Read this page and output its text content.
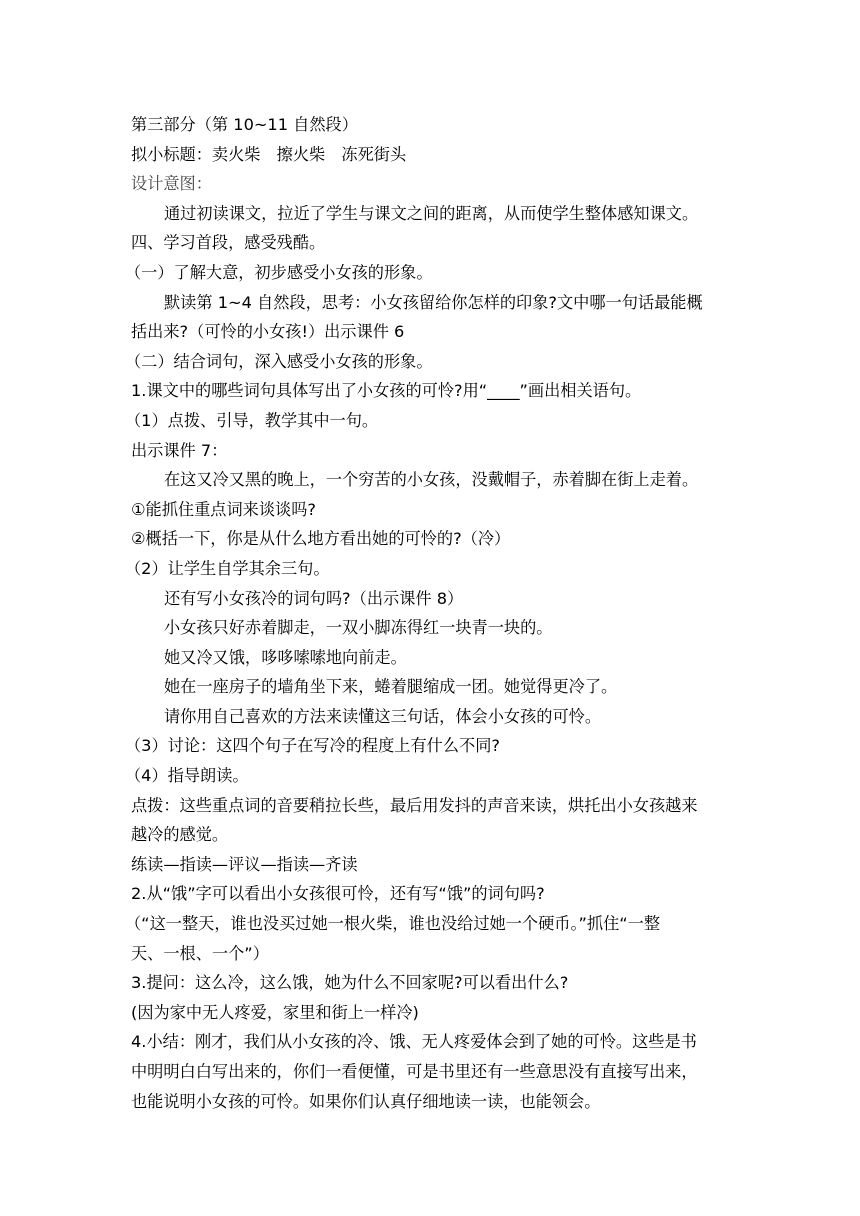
第三部分（第 10~11 自然段）

拟小标题：卖火柴　擦火柴　冻死街头

设计意图：

通过初读课文，拉近了学生与课文之间的距离，从而使学生整体感知课文。

四、学习首段，感受残酷。

（一）了解大意，初步感受小女孩的形象。

默读第 1~4 自然段，思考：小女孩留给你怎样的印象?文中哪一句话最能概

括出来?（可怜的小女孩!）出示课件 6

（二）结合词句，深入感受小女孩的形象。

1.课文中的哪些词句具体写出了小女孩的可怜?用“____”画出相关语句。

（1）点拨、引导，教学其中一句。

出示课件 7：

在这又冷又黑的晚上，一个穷苦的小女孩，没戴帽子，赤着脚在街上走着。

①能抓住重点词来谈谈吗?

②概括一下，你是从什么地方看出她的可怜的?（冷）

（2）让学生自学其余三句。

还有写小女孩冷的词句吗?（出示课件 8）

小女孩只好赤着脚走，一双小脚冻得红一块青一块的。

她又冷又饿，哆哆嗦嗦地向前走。

她在一座房子的墙角坐下来，蜷着腿缩成一团。她觉得更冷了。

请你用自己喜欢的方法来读懂这三句话，体会小女孩的可怜。

（3）讨论：这四个句子在写冷的程度上有什么不同?

（4）指导朗读。

点拨：这些重点词的音要稍拉长些，最后用发抖的声音来读，烘托出小女孩越来

越冷的感觉。

练读—指读—评议—指读—齐读

2.从“饿”字可以看出小女孩很可怜，还有写“饿”的词句吗?

（“这一整天，谁也没买过她一根火柴，谁也没给过她一个硬币。”抓住“一整

天、一根、一个”）

3.提问：这么冷，这么饿，她为什么不回家呢?可以看出什么?

(因为家中无人疼爱，家里和街上一样冷)

4.小结：刚才，我们从小女孩的冷、饿、无人疼爱体会到了她的可怜。这些是书

中明明白白写出来的，你们一看便懂，可是书里还有一些意思没有直接写出来，

也能说明小女孩的可怜。如果你们认真仔细地读一读，也能领会。
